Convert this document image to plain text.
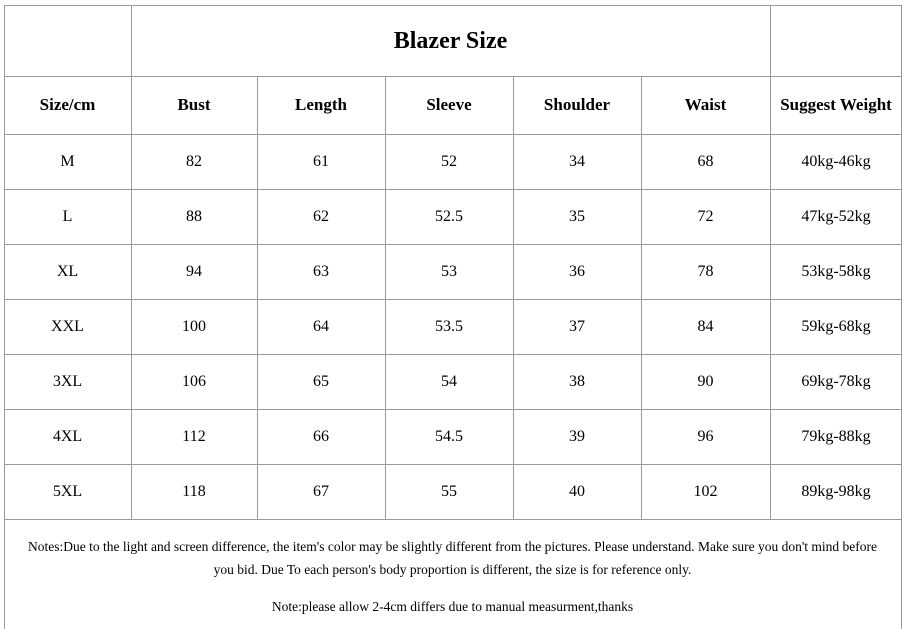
Blazer Size
Size/cm	Bust	Length	Sleeve	Shoulder	Waist	Suggest Weight
M	82	61	52	34	68	40kg-46kg
L	88	62	52.5	35	72	47kg-52kg
XL	94	63	53	36	78	53kg-58kg
XXL	100	64	53.5	37	84	59kg-68kg
3XL	106	65	54	38	90	69kg-78kg
4XL	112	66	54.5	39	96	79kg-88kg
5XL	118	67	55	40	102	89kg-98kg
Notes:Due to the light and screen difference, the item's color may be slightly different from the pictures. Please understand. Make sure you don't mind before
you bid. Due To each person's body proportion is different, the size is for reference only.
Note:please allow 2-4cm differs due to manual measurment,thanks
